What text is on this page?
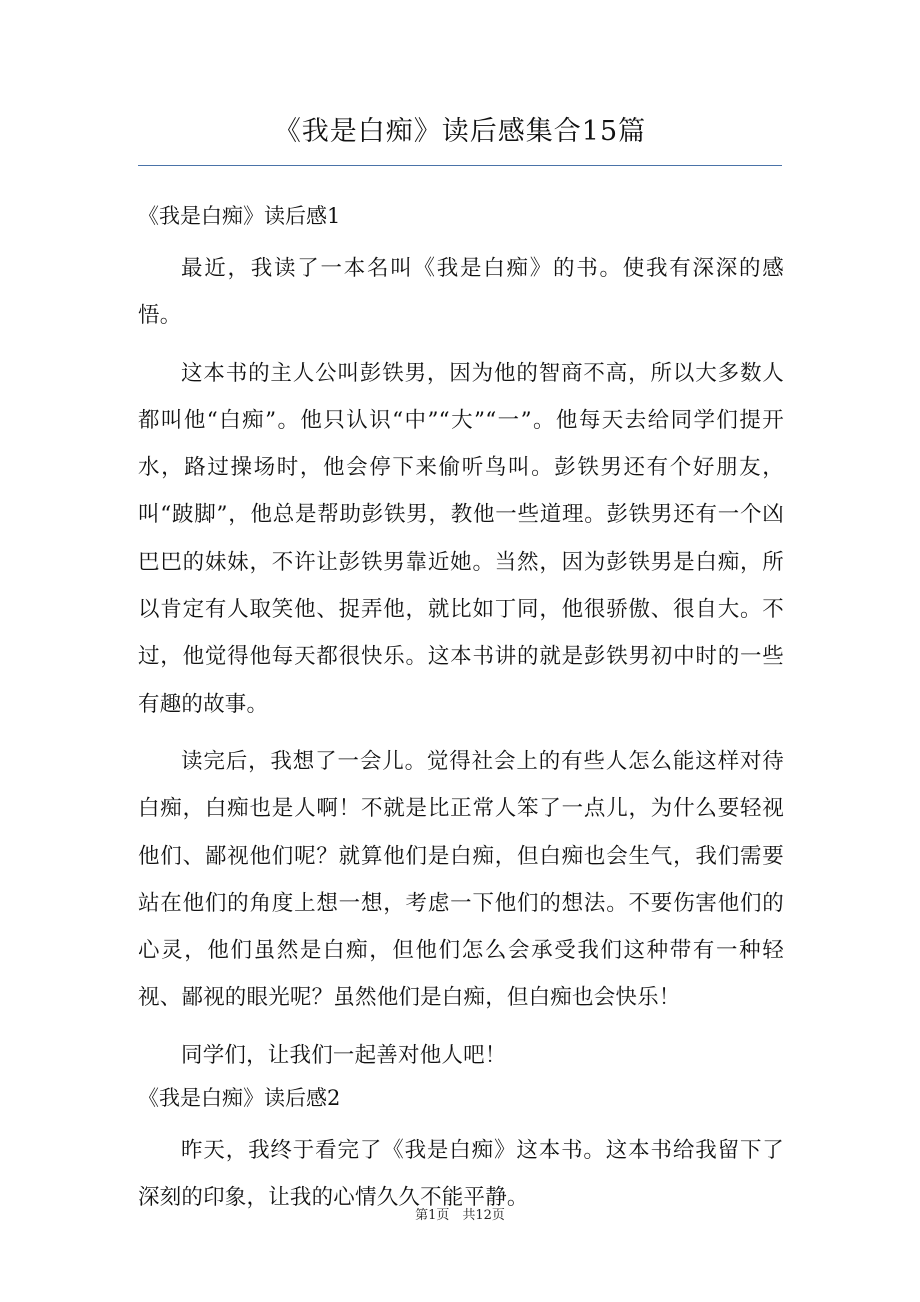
《我是白痴》读后感集合15篇
《我是白痴》读后感1

最近，我读了一本名叫《我是白痴》的书。使我有深深的感悟。

这本书的主人公叫彭铁男，因为他的智商不高，所以大多数人都叫他“白痴”。他只认识“中”“大”“一”。他每天去给同学们提开水，路过操场时，他会停下来偷听鸟叫。彭铁男还有个好朋友，叫“跛脚”，他总是帮助彭铁男，教他一些道理。彭铁男还有一个凶巴巴的妹妹，不许让彭铁男靠近她。当然，因为彭铁男是白痴，所以肯定有人取笑他、捉弄他，就比如丁同，他很骄傲、很自大。不过，他觉得他每天都很快乐。这本书讲的就是彭铁男初中时的一些有趣的故事。

读完后，我想了一会儿。觉得社会上的有些人怎么能这样对待白痴，白痴也是人啊！不就是比正常人笨了一点儿，为什么要轻视他们、鄙视他们呢？就算他们是白痴，但白痴也会生气，我们需要站在他们的角度上想一想，考虑一下他们的想法。不要伤害他们的心灵，他们虽然是白痴，但他们怎么会承受我们这种带有一种轻视、鄙视的眼光呢？虽然他们是白痴，但白痴也会快乐！

同学们，让我们一起善对他人吧！

《我是白痴》读后感2

昨天，我终于看完了《我是白痴》这本书。这本书给我留下了深刻的印象，让我的心情久久不能平静。

第1页　共12页
